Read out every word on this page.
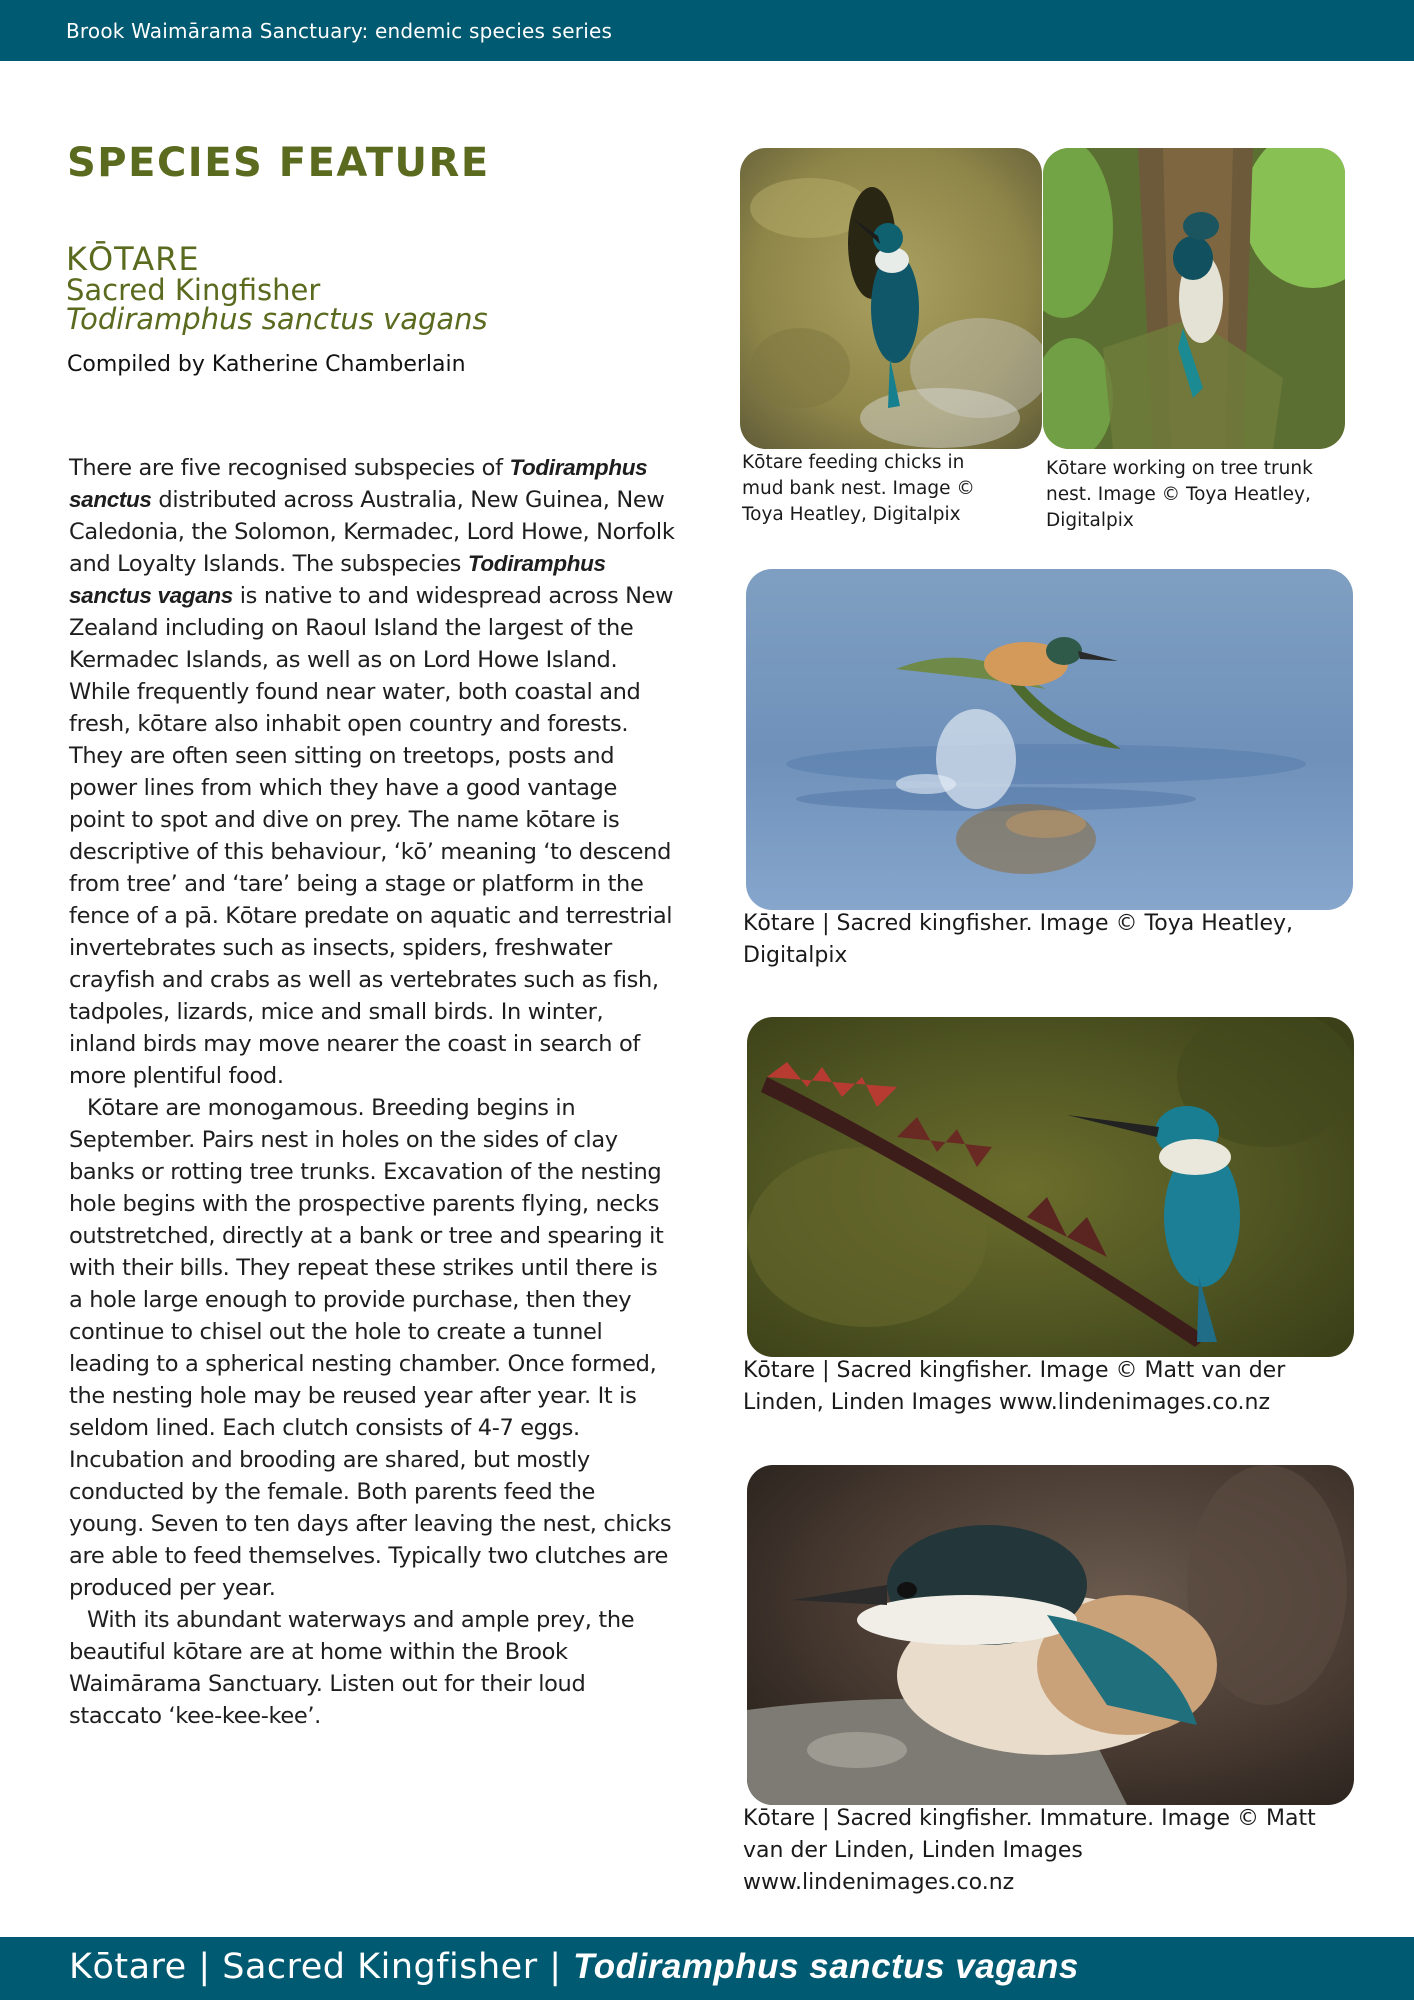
Brook Waimārama Sanctuary: endemic species series
SPECIES FEATURE
KŌTARE
Sacred Kingfisher
Todiramphus sanctus vagans
Compiled by Katherine Chamberlain

There are five recognised subspecies of Todiramphus sanctus distributed across Australia, New Guinea, New Caledonia, the Solomon, Kermadec, Lord Howe, Norfolk and Loyalty Islands. The subspecies Todiramphus sanctus vagans is native to and widespread across New Zealand including on Raoul Island the largest of the Kermadec Islands, as well as on Lord Howe Island. While frequently found near water, both coastal and fresh, kōtare also inhabit open country and forests. They are often seen sitting on treetops, posts and power lines from which they have a good vantage point to spot and dive on prey. The name kōtare is descriptive of this behaviour, ‘kō’ meaning ‘to descend from tree’ and ‘tare’ being a stage or platform in the fence of a pā. Kōtare predate on aquatic and terrestrial invertebrates such as insects, spiders, freshwater crayfish and crabs as well as vertebrates such as fish, tadpoles, lizards, mice and small birds. In winter, inland birds may move nearer the coast in search of more plentiful food.

Kōtare are monogamous. Breeding begins in September. Pairs nest in holes on the sides of clay banks or rotting tree trunks. Excavation of the nesting hole begins with the prospective parents flying, necks outstretched, directly at a bank or tree and spearing it with their bills. They repeat these strikes until there is a hole large enough to provide purchase, then they continue to chisel out the hole to create a tunnel leading to a spherical nesting chamber. Once formed, the nesting hole may be reused year after year. It is seldom lined. Each clutch consists of 4-7 eggs. Incubation and brooding are shared, but mostly conducted by the female. Both parents feed the young. Seven to ten days after leaving the nest, chicks are able to feed themselves. Typically two clutches are produced per year.

With its abundant waterways and ample prey, the beautiful kōtare are at home within the Brook Waimārama Sanctuary. Listen out for their loud staccato ‘kee-kee-kee’.

Kōtare feeding chicks in mud bank nest. Image © Toya Heatley, Digitalpix
Kōtare working on tree trunk nest. Image © Toya Heatley, Digitalpix
Kōtare | Sacred kingfisher. Image © Toya Heatley, Digitalpix
Kōtare | Sacred kingfisher. Image © Matt van der Linden, Linden Images www.lindenimages.co.nz
Kōtare | Sacred kingfisher. Immature. Image © Matt van der Linden, Linden Images www.lindenimages.co.nz
Kōtare | Sacred Kingfisher | Todiramphus sanctus vagans
